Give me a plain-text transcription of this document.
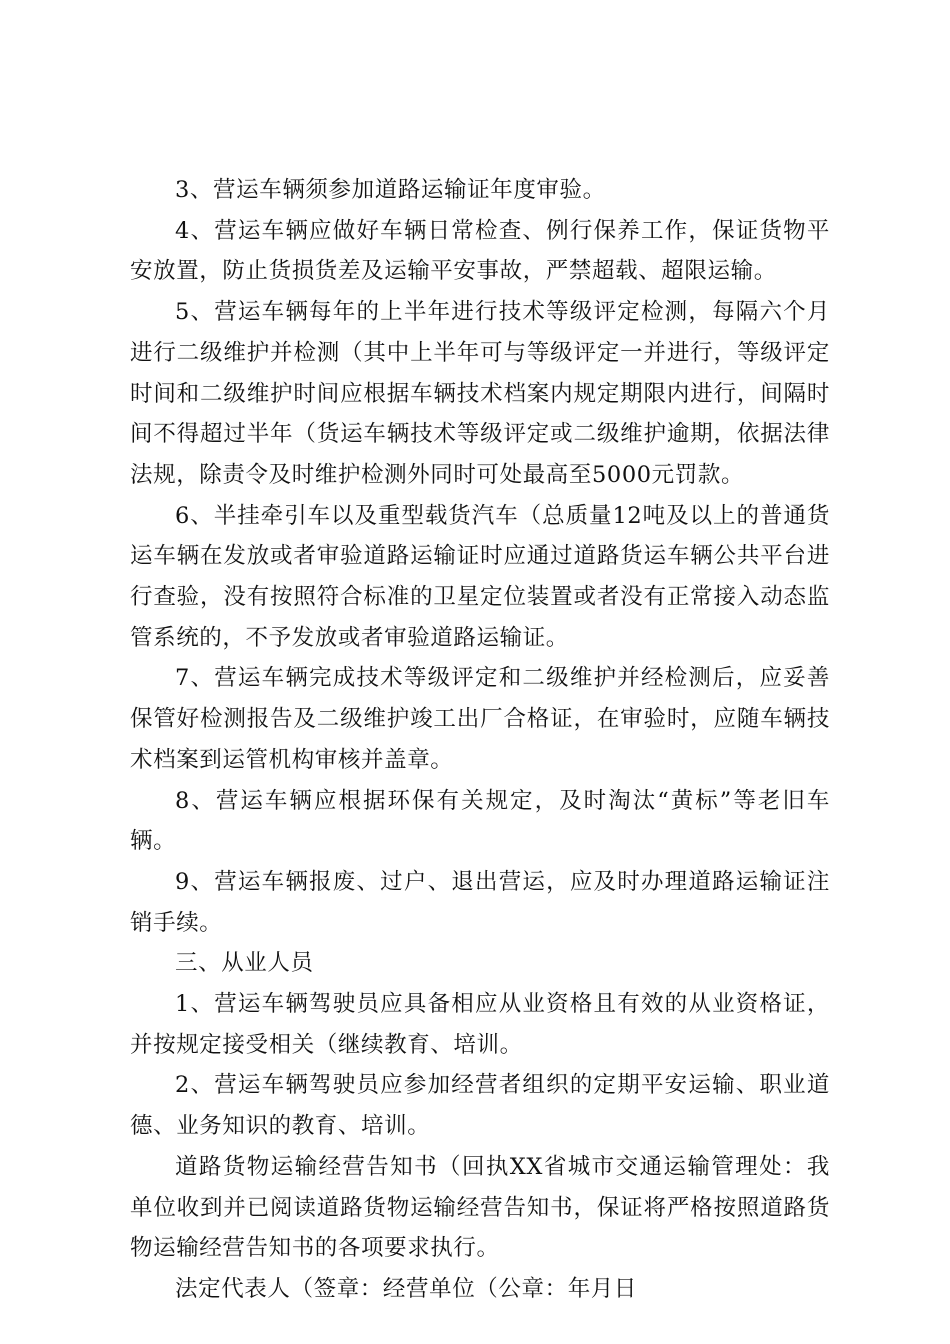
3、营运车辆须参加道路运输证年度审验。

4、营运车辆应做好车辆日常检查、例行保养工作，保证货物平安放置，防止货损货差及运输平安事故，严禁超载、超限运输。

5、营运车辆每年的上半年进行技术等级评定检测，每隔六个月进行二级维护并检测（其中上半年可与等级评定一并进行，等级评定时间和二级维护时间应根据车辆技术档案内规定期限内进行，间隔时间不得超过半年（货运车辆技术等级评定或二级维护逾期，依据法律法规，除责令及时维护检测外同时可处最高至5000元罚款。

6、半挂牵引车以及重型载货汽车（总质量12吨及以上的普通货运车辆在发放或者审验道路运输证时应通过道路货运车辆公共平台进行查验，没有按照符合标准的卫星定位装置或者没有正常接入动态监管系统的，不予发放或者审验道路运输证。

7、营运车辆完成技术等级评定和二级维护并经检测后，应妥善保管好检测报告及二级维护竣工出厂合格证，在审验时，应随车辆技术档案到运管机构审核并盖章。

8、营运车辆应根据环保有关规定，及时淘汰“黄标”等老旧车辆。

9、营运车辆报废、过户、退出营运，应及时办理道路运输证注销手续。

三、从业人员

1、营运车辆驾驶员应具备相应从业资格且有效的从业资格证，并按规定接受相关（继续教育、培训。

2、营运车辆驾驶员应参加经营者组织的定期平安运输、职业道德、业务知识的教育、培训。

道路货物运输经营告知书（回执XX省城市交通运输管理处：我单位收到并已阅读道路货物运输经营告知书，保证将严格按照道路货物运输经营告知书的各项要求执行。

法定代表人（签章：经营单位（公章：年月日
